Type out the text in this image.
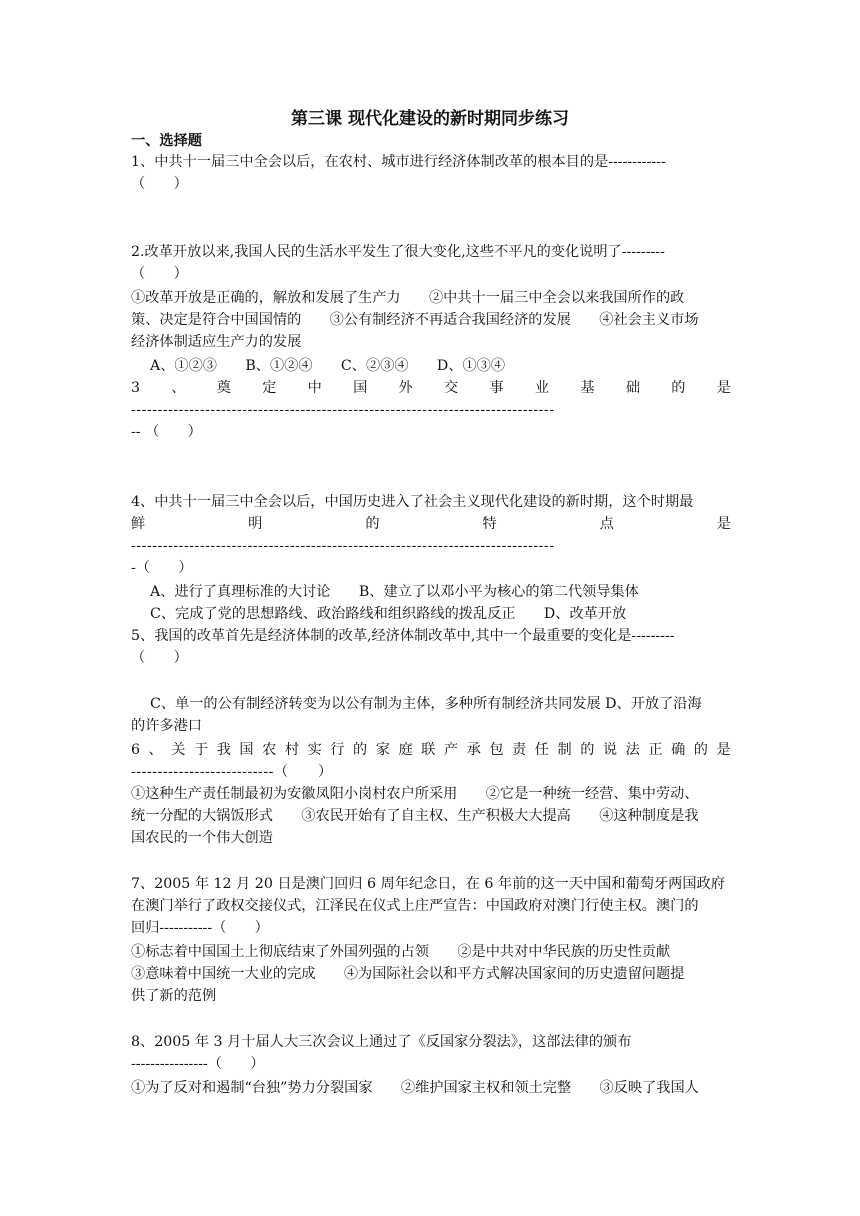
第三课 现代化建设的新时期同步练习
一、选择题
1、中共十一届三中全会以后，在农村、城市进行经济体制改革的根本目的是------------
（　　）
2.改革开放以来,我国人民的生活水平发生了很大变化,这些不平凡的变化说明了---------
（　　）
①改革开放是正确的，解放和发展了生产力　　②中共十一届三中全会以来我国所作的政
策、决定是符合中国国情的　　③公有制经济不再适合我国经济的发展　　④社会主义市场
经济体制适应生产力的发展
A、①②③　　B、①②④　　C、②③④　　D、①③④
3 、 奠 定 中 国 外 交 事 业 基 础 的 是
--------------------------------------------------------------------------------
-- （　　）
4、中共十一届三中全会以后，中国历史进入了社会主义现代化建设的新时期，这个时期最
鲜	明	的	特	点	是
--------------------------------------------------------------------------------
-（　　）
A、进行了真理标准的大讨论　　B、建立了以邓小平为核心的第二代领导集体
C、完成了党的思想路线、政治路线和组织路线的拨乱反正　　D、改革开放
5、我国的改革首先是经济体制的改革,经济体制改革中,其中一个最重要的变化是---------
（　　）
C、单一的公有制经济转变为以公有制为主体，多种所有制经济共同发展 D、开放了沿海
的许多港口
6 、 关 于 我 国 农 村 实 行 的 家 庭 联 产 承 包 责 任 制 的 说 法 正 确 的 是
---------------------------（　　）
①这种生产责任制最初为安徽凤阳小岗村农户所采用　　②它是一种统一经营、集中劳动、
统一分配的大锅饭形式　　③农民开始有了自主权、生产积极大大提高　　④这种制度是我
国农民的一个伟大创造
7、2005 年 12 月 20 日是澳门回归 6 周年纪念日，在 6 年前的这一天中国和葡萄牙两国政府
在澳门举行了政权交接仪式，江泽民在仪式上庄严宣告：中国政府对澳门行使主权。澳门的
回归-----------（　　）
①标志着中国国土上彻底结束了外国列强的占领　　②是中共对中华民族的历史性贡献
③意味着中国统一大业的完成　　④为国际社会以和平方式解决国家间的历史遗留问题提
供了新的范例
8、2005 年 3 月十届人大三次会议上通过了《反国家分裂法》，这部法律的颁布
----------------（　　）
①为了反对和遏制“台独”势力分裂国家　　②维护国家主权和领土完整　　③反映了我国人
